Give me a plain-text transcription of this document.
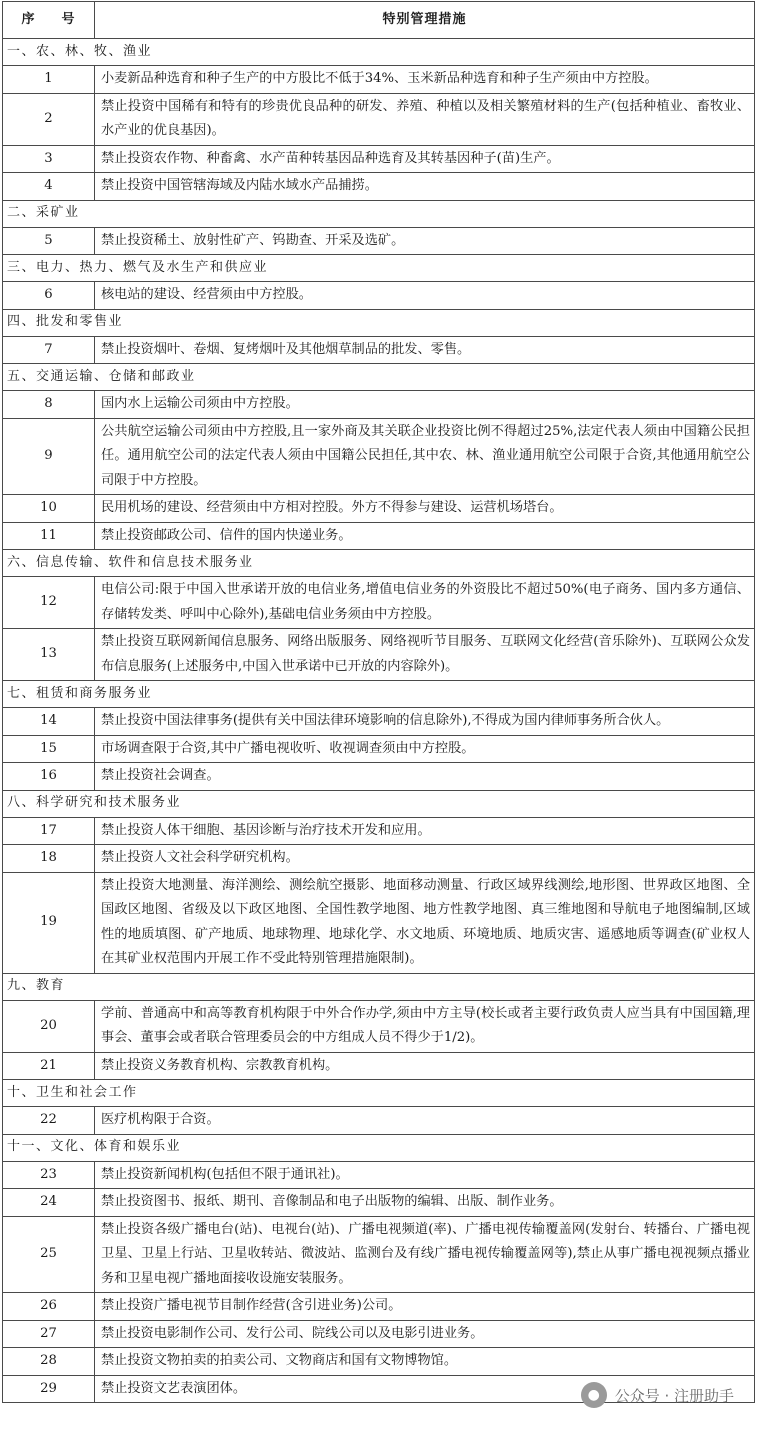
序 号	特别管理措施
一、农、林、牧、渔业	
1	小麦新品种选育和种子生产的中方股比不低于34%、玉米新品种选育和种子生产须由中方控股。
2	禁止投资中国稀有和特有的珍贵优良品种的研发、养殖、种植以及相关繁殖材料的生产(包括种植业、畜牧业、水产业的优良基因)。
3	禁止投资农作物、种畜禽、水产苗种转基因品种选育及其转基因种子(苗)生产。
4	禁止投资中国管辖海域及内陆水域水产品捕捞。
二、采矿业	
5	禁止投资稀土、放射性矿产、钨勘查、开采及选矿。
三、电力、热力、燃气及水生产和供应业	
6	核电站的建设、经营须由中方控股。
四、批发和零售业	
7	禁止投资烟叶、卷烟、复烤烟叶及其他烟草制品的批发、零售。
五、交通运输、仓储和邮政业	
8	国内水上运输公司须由中方控股。
9	公共航空运输公司须由中方控股,且一家外商及其关联企业投资比例不得超过25%,法定代表人须由中国籍公民担任。通用航空公司的法定代表人须由中国籍公民担任,其中农、林、渔业通用航空公司限于合资,其他通用航空公司限于中方控股。
10	民用机场的建设、经营须由中方相对控股。外方不得参与建设、运营机场塔台。
11	禁止投资邮政公司、信件的国内快递业务。
六、信息传输、软件和信息技术服务业	
12	电信公司:限于中国入世承诺开放的电信业务,增值电信业务的外资股比不超过50%(电子商务、国内多方通信、存储转发类、呼叫中心除外),基础电信业务须由中方控股。
13	禁止投资互联网新闻信息服务、网络出版服务、网络视听节目服务、互联网文化经营(音乐除外)、互联网公众发布信息服务(上述服务中,中国入世承诺中已开放的内容除外)。
七、租赁和商务服务业	
14	禁止投资中国法律事务(提供有关中国法律环境影响的信息除外),不得成为国内律师事务所合伙人。
15	市场调查限于合资,其中广播电视收听、收视调查须由中方控股。
16	禁止投资社会调查。
八、科学研究和技术服务业	
17	禁止投资人体干细胞、基因诊断与治疗技术开发和应用。
18	禁止投资人文社会科学研究机构。
19	禁止投资大地测量、海洋测绘、测绘航空摄影、地面移动测量、行政区域界线测绘,地形图、世界政区地图、全国政区地图、省级及以下政区地图、全国性教学地图、地方性教学地图、真三维地图和导航电子地图编制,区域性的地质填图、矿产地质、地球物理、地球化学、水文地质、环境地质、地质灾害、遥感地质等调查(矿业权人在其矿业权范围内开展工作不受此特别管理措施限制)。
九、教育	
20	学前、普通高中和高等教育机构限于中外合作办学,须由中方主导(校长或者主要行政负责人应当具有中国国籍,理事会、董事会或者联合管理委员会的中方组成人员不得少于1/2)。
21	禁止投资义务教育机构、宗教教育机构。
十、卫生和社会工作	
22	医疗机构限于合资。
十一、文化、体育和娱乐业	
23	禁止投资新闻机构(包括但不限于通讯社)。
24	禁止投资图书、报纸、期刊、音像制品和电子出版物的编辑、出版、制作业务。
25	禁止投资各级广播电台(站)、电视台(站)、广播电视频道(率)、广播电视传输覆盖网(发射台、转播台、广播电视卫星、卫星上行站、卫星收转站、微波站、监测台及有线广播电视传输覆盖网等),禁止从事广播电视视频点播业务和卫星电视广播地面接收设施安装服务。
26	禁止投资广播电视节目制作经营(含引进业务)公司。
27	禁止投资电影制作公司、发行公司、院线公司以及电影引进业务。
28	禁止投资文物拍卖的拍卖公司、文物商店和国有文物博物馆。
29	禁止投资文艺表演团体。	● 公众号 · 注册助手
